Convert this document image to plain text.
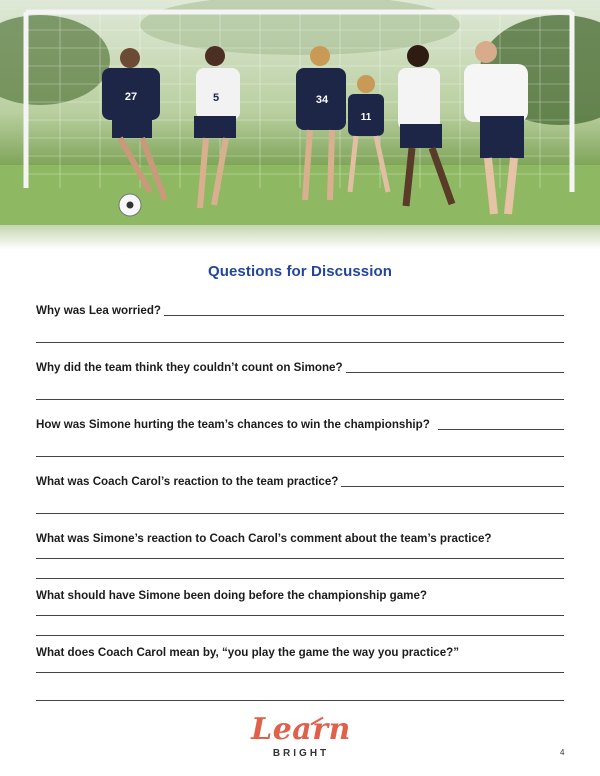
27	5	34
11
Questions for Discussion
Why was Lea worried?
Why did the team think they couldn’t count on Simone?
How was Simone hurting the team’s chances to win the championship?
What was Coach Carol’s reaction to the team practice?
What was Simone’s reaction to Coach Carol’s comment about the team’s practice?
What should have Simone been doing before the championship game?
What does Coach Carol mean by, “you play the game the way you practice?”
Learn
BRIGHT	4
